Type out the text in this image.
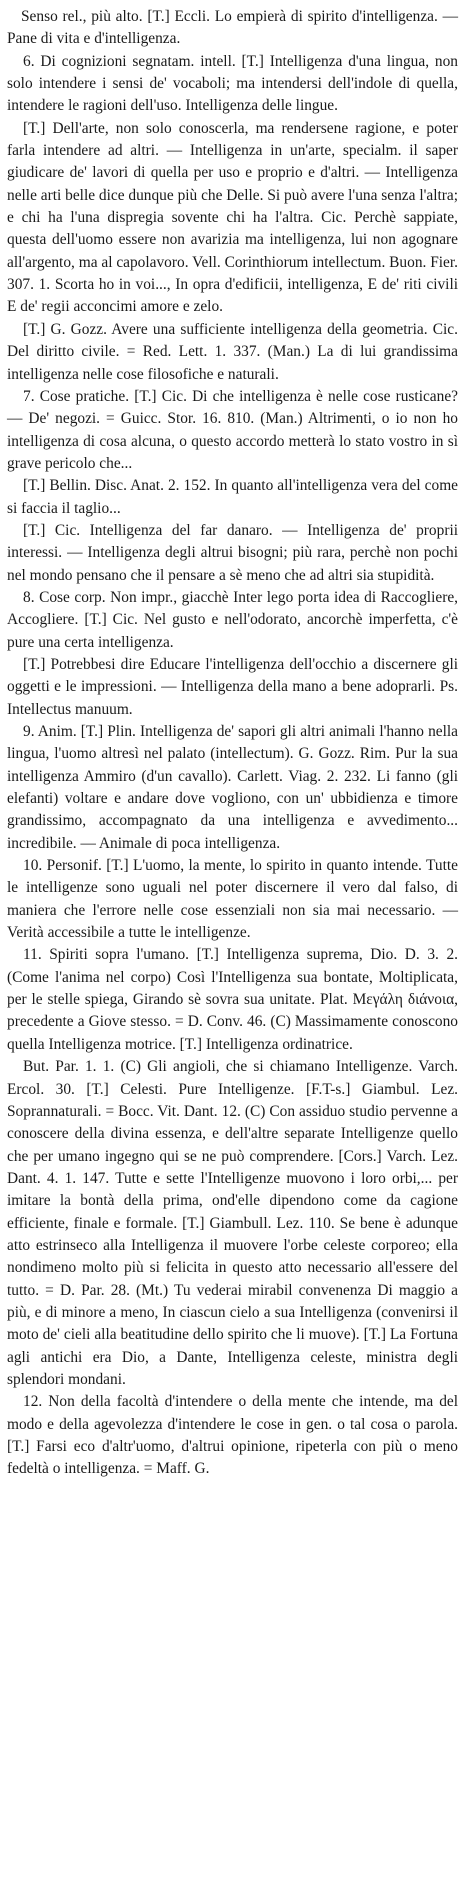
Senso rel., più alto. [T.] Eccli. Lo empierà di spirito d'intelligenza. — Pane di vita e d'intelligenza.

6. Di cognizioni segnatam. intell. [T.] Intelligenza d'una lingua, non solo intendere i sensi de' vocaboli; ma intendersi dell'indole di quella, intendere le ragioni dell'uso. Intelligenza delle lingue.

[T.] Dell'arte, non solo conoscerla, ma rendersene ragione, e poter farla intendere ad altri. — Intelligenza in un'arte, specialm. il saper giudicare de' lavori di quella per uso e proprio e d'altri. — Intelligenza nelle arti belle dice dunque più che Delle. Si può avere l'una senza l'altra; e chi ha l'una dispregia sovente chi ha l'altra. Cic. Perchè sappiate, questa dell'uomo essere non avarizia ma intelligenza, lui non agognare all'argento, ma al capolavoro. Vell. Corinthiorum intellectum. Buon. Fier. 307. 1. Scorta ho in voi..., In opra d'edificii, intelligenza, E de' riti civili E de' regii acconcimi amore e zelo.

[T.] G. Gozz. Avere una sufficiente intelligenza della geometria. Cic. Del diritto civile. = Red. Lett. 1. 337. (Man.) La di lui grandissima intelligenza nelle cose filosofiche e naturali.

7. Cose pratiche. [T.] Cic. Di che intelligenza è nelle cose rusticane? — De' negozi. = Guicc. Stor. 16. 810. (Man.) Altrimenti, o io non ho intelligenza di cosa alcuna, o questo accordo metterà lo stato vostro in sì grave pericolo che...

[T.] Bellin. Disc. Anat. 2. 152. In quanto all'intelligenza vera del come si faccia il taglio...

[T.] Cic. Intelligenza del far danaro. — Intelligenza de' proprii interessi. — Intelligenza degli altrui bisogni; più rara, perchè non pochi nel mondo pensano che il pensare a sè meno che ad altri sia stupidità.

8. Cose corp. Non impr., giacchè Inter lego porta idea di Raccogliere, Accogliere. [T.] Cic. Nel gusto e nell'odorato, ancorchè imperfetta, c'è pure una certa intelligenza.

[T.] Potrebbesi dire Educare l'intelligenza dell'occhio a discernere gli oggetti e le impressioni. — Intelligenza della mano a bene adoprarli. Ps. Intellectus manuum.

9. Anim. [T.] Plin. Intelligenza de' sapori gli altri animali l'hanno nella lingua, l'uomo altresì nel palato (intellectum). G. Gozz. Rim. Pur la sua intelligenza Ammiro (d'un cavallo). Carlett. Viag. 2. 232. Li fanno (gli elefanti) voltare e andare dove vogliono, con un' ubbidienza e timore grandissimo, accompagnato da una intelligenza e avvedimento... incredibile. — Animale di poca intelligenza.

10. Personif. [T.] L'uomo, la mente, lo spirito in quanto intende. Tutte le intelligenze sono uguali nel poter discernere il vero dal falso, di maniera che l'errore nelle cose essenziali non sia mai necessario. — Verità accessibile a tutte le intelligenze.

11. Spiriti sopra l'umano. [T.] Intelligenza suprema, Dio. D. 3. 2. (Come l'anima nel corpo) Così l'Intelligenza sua bontate, Moltiplicata, per le stelle spiega, Girando sè sovra sua unitate. Plat. Μεγάλη διάνοια, precedente a Giove stesso. = D. Conv. 46. (C) Massimamente conoscono quella Intelligenza motrice. [T.] Intelligenza ordinatrice.

But. Par. 1. 1. (C) Gli angioli, che si chiamano Intelligenze. Varch. Ercol. 30. [T.] Celesti. Pure Intelligenze. [F.T-s.] Giambul. Lez. Soprannaturali. = Bocc. Vit. Dant. 12. (C) Con assiduo studio pervenne a conoscere della divina essenza, e dell'altre separate Intelligenze quello che per umano ingegno qui se ne può comprendere. [Cors.] Varch. Lez. Dant. 4. 1. 147. Tutte e sette l'Intelligenze muovono i loro orbi,... per imitare la bontà della prima, ond'elle dipendono come da cagione efficiente, finale e formale. [T.] Giambull. Lez. 110. Se bene è adunque atto estrinseco alla Intelligenza il muovere l'orbe celeste corporeo; ella nondimeno molto più si felicita in questo atto necessario all'essere del tutto. = D. Par. 28. (Mt.) Tu vederai mirabil convenenza Di maggio a più, e di minore a meno, In ciascun cielo a sua Intelligenza (convenirsi il moto de' cieli alla beatitudine dello spirito che li muove). [T.] La Fortuna agli antichi era Dio, a Dante, Intelligenza celeste, ministra degli splendori mondani.

12. Non della facoltà d'intendere o della mente che intende, ma del modo e della agevolezza d'intendere le cose in gen. o tal cosa o parola. [T.] Farsi eco d'altr'uomo, d'altrui opinione, ripeterla con più o meno fedeltà o intelligenza. = Maff. G.
